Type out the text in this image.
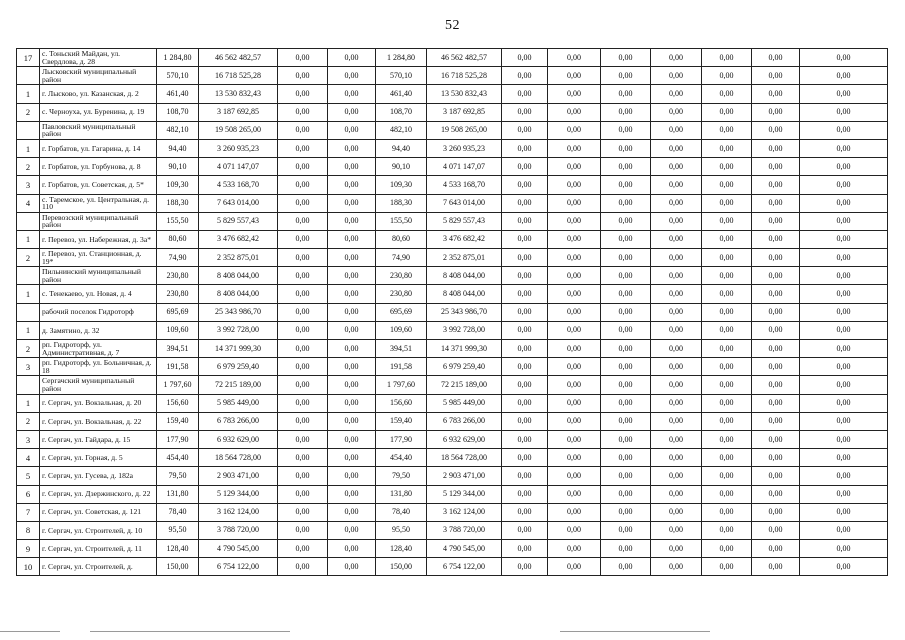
52
17	с. Тоньский Майдан, ул. Свердлова, д. 28	1 284,80	46 562 482,57	0,00	0,00	1 284,80	46 562 482,57	0,00	0,00	0,00	0,00	0,00	0,00	0,00
	Лысковский муниципальный район	570,10	16 718 525,28	0,00	0,00	570,10	16 718 525,28	0,00	0,00	0,00	0,00	0,00	0,00	0,00
1	г. Лысково, ул. Казанская, д. 2	461,40	13 530 832,43	0,00	0,00	461,40	13 530 832,43	0,00	0,00	0,00	0,00	0,00	0,00	0,00
2	с. Черноуха, ул. Буренина, д. 19	108,70	3 187 692,85	0,00	0,00	108,70	3 187 692,85	0,00	0,00	0,00	0,00	0,00	0,00	0,00
	Павловский муниципальный район	482,10	19 508 265,00	0,00	0,00	482,10	19 508 265,00	0,00	0,00	0,00	0,00	0,00	0,00	0,00
1	г. Горбатов, ул. Гагарина, д. 14	94,40	3 260 935,23	0,00	0,00	94,40	3 260 935,23	0,00	0,00	0,00	0,00	0,00	0,00	0,00
2	г. Горбатов, ул. Горбунова, д. 8	90,10	4 071 147,07	0,00	0,00	90,10	4 071 147,07	0,00	0,00	0,00	0,00	0,00	0,00	0,00
3	г. Горбатов, ул. Советская, д. 5*	109,30	4 533 168,70	0,00	0,00	109,30	4 533 168,70	0,00	0,00	0,00	0,00	0,00	0,00	0,00
4	с. Таремское, ул. Центральная, д. 110	188,30	7 643 014,00	0,00	0,00	188,30	7 643 014,00	0,00	0,00	0,00	0,00	0,00	0,00	0,00
	Перевозский муниципальный район	155,50	5 829 557,43	0,00	0,00	155,50	5 829 557,43	0,00	0,00	0,00	0,00	0,00	0,00	0,00
1	г. Перевоз, ул. Набережная, д. 3а*	80,60	3 476 682,42	0,00	0,00	80,60	3 476 682,42	0,00	0,00	0,00	0,00	0,00	0,00	0,00
2	г. Перевоз, ул. Станционная, д. 19*	74,90	2 352 875,01	0,00	0,00	74,90	2 352 875,01	0,00	0,00	0,00	0,00	0,00	0,00	0,00
	Пильнинский муниципальный район	230,80	8 408 044,00	0,00	0,00	230,80	8 408 044,00	0,00	0,00	0,00	0,00	0,00	0,00	0,00
1	с. Тенекаево, ул. Новая, д. 4	230,80	8 408 044,00	0,00	0,00	230,80	8 408 044,00	0,00	0,00	0,00	0,00	0,00	0,00	0,00
	рабочий поселок Гидроторф	695,69	25 343 986,70	0,00	0,00	695,69	25 343 986,70	0,00	0,00	0,00	0,00	0,00	0,00	0,00
1	д. Замятино, д. 32	109,60	3 992 728,00	0,00	0,00	109,60	3 992 728,00	0,00	0,00	0,00	0,00	0,00	0,00	0,00
2	рп. Гидроторф, ул. Административная, д. 7	394,51	14 371 999,30	0,00	0,00	394,51	14 371 999,30	0,00	0,00	0,00	0,00	0,00	0,00	0,00
3	рп. Гидроторф, ул. Больничная, д. 18	191,58	6 979 259,40	0,00	0,00	191,58	6 979 259,40	0,00	0,00	0,00	0,00	0,00	0,00	0,00
	Сергачский муниципальный район	1 797,60	72 215 189,00	0,00	0,00	1 797,60	72 215 189,00	0,00	0,00	0,00	0,00	0,00	0,00	0,00
1	г. Сергач, ул. Вокзальная, д. 20	156,60	5 985 449,00	0,00	0,00	156,60	5 985 449,00	0,00	0,00	0,00	0,00	0,00	0,00	0,00
2	г. Сергач, ул. Вокзальная, д. 22	159,40	6 783 266,00	0,00	0,00	159,40	6 783 266,00	0,00	0,00	0,00	0,00	0,00	0,00	0,00
3	г. Сергач, ул. Гайдара, д. 15	177,90	6 932 629,00	0,00	0,00	177,90	6 932 629,00	0,00	0,00	0,00	0,00	0,00	0,00	0,00
4	г. Сергач, ул. Горная, д. 5	454,40	18 564 728,00	0,00	0,00	454,40	18 564 728,00	0,00	0,00	0,00	0,00	0,00	0,00	0,00
5	г. Сергач, ул. Гусева, д. 182а	79,50	2 903 471,00	0,00	0,00	79,50	2 903 471,00	0,00	0,00	0,00	0,00	0,00	0,00	0,00
6	г. Сергач, ул. Дзержинского, д. 22	131,80	5 129 344,00	0,00	0,00	131,80	5 129 344,00	0,00	0,00	0,00	0,00	0,00	0,00	0,00
7	г. Сергач, ул. Советская, д. 121	78,40	3 162 124,00	0,00	0,00	78,40	3 162 124,00	0,00	0,00	0,00	0,00	0,00	0,00	0,00
8	г. Сергач, ул. Строителей, д. 10	95,50	3 788 720,00	0,00	0,00	95,50	3 788 720,00	0,00	0,00	0,00	0,00	0,00	0,00	0,00
9	г. Сергач, ул. Строителей, д. 11	128,40	4 790 545,00	0,00	0,00	128,40	4 790 545,00	0,00	0,00	0,00	0,00	0,00	0,00	0,00
10	г. Сергач, ул. Строителей, д.	150,00	6 754 122,00	0,00	0,00	150,00	6 754 122,00	0,00	0,00	0,00	0,00	0,00	0,00	0,00
